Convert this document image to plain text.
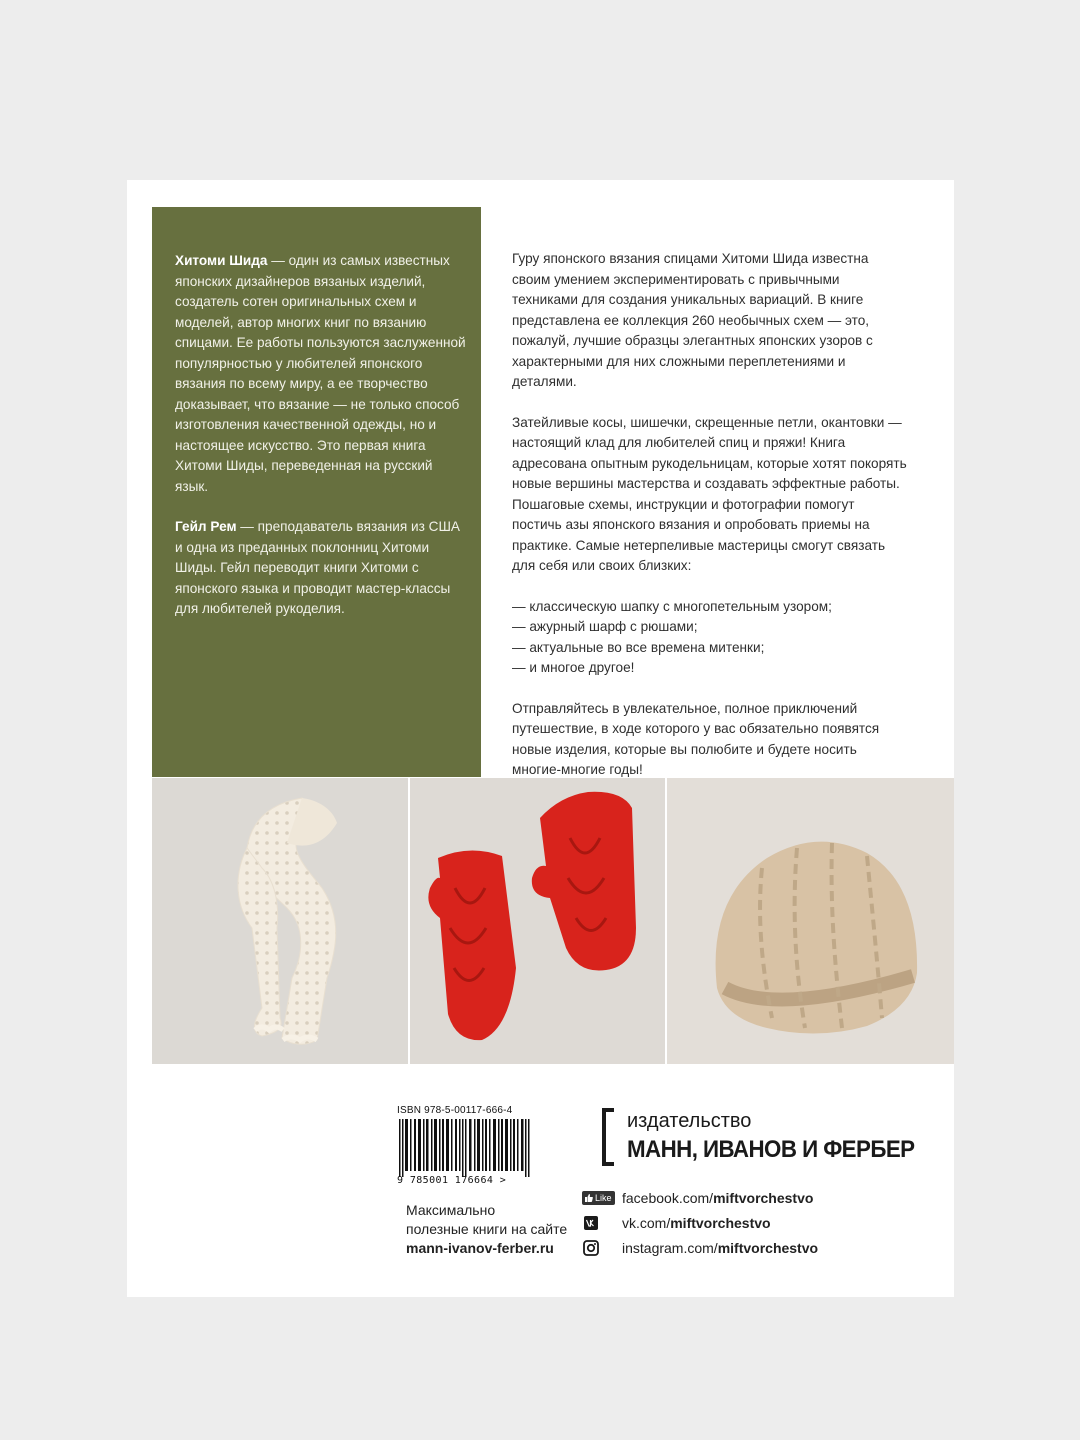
Хитоми Шида — один из самых известных японских дизайнеров вязаных изделий, создатель сотен оригинальных схем и моделей, автор многих книг по вязанию спицами. Ее работы пользуются заслуженной популярностью у любителей японского вязания по всему миру, а ее творчество доказывает, что вязание — не только способ изготовления качественной одежды, но и настоящее искусство. Это первая книга Хитоми Шиды, переведенная на русский язык.

Гейл Рем — преподаватель вязания из США и одна из преданных поклонниц Хитоми Шиды. Гейл переводит книги Хитоми с японского языка и проводит мастер-классы для любителей рукоделия.

Гуру японского вязания спицами Хитоми Шида известна своим умением экспериментировать с привычными техниками для создания уникальных вариаций. В книге представлена ее коллекция 260 необычных схем — это, пожалуй, лучшие образцы элегантных японских узоров с характерными для них сложными переплетениями и деталями.

Затейливые косы, шишечки, скрещенные петли, окантовки — настоящий клад для любителей спиц и пряжи! Книга адресована опытным рукодельницам, которые хотят покорять новые вершины мастерства и создавать эффектные работы. Пошаговые схемы, инструкции и фотографии помогут постичь азы японского вязания и опробовать приемы на практике. Самые нетерпеливые мастерицы смогут связать для себя или своих близких:

— классическую шапку с многопетельным узором;
— ажурный шарф с рюшами;
— актуальные во все времена митенки;
— и многое другое!

Отправляйтесь в увлекательное, полное приключений путешествие, в ходе которого у вас обязательно появятся новые изделия, которые вы полюбите и будете носить многие-многие годы!

ISBN 978-5-00117-666-4
9 785001 176664 >
Максимально
полезные книги на сайте
mann-ivanov-ferber.ru
издательство
МАНН, ИВАНОВ И ФЕРБЕР
Like facebook.com/ miftvorchestvo
vk.com/ miftvorchestvo
instagram.com/ miftvorchestvo
